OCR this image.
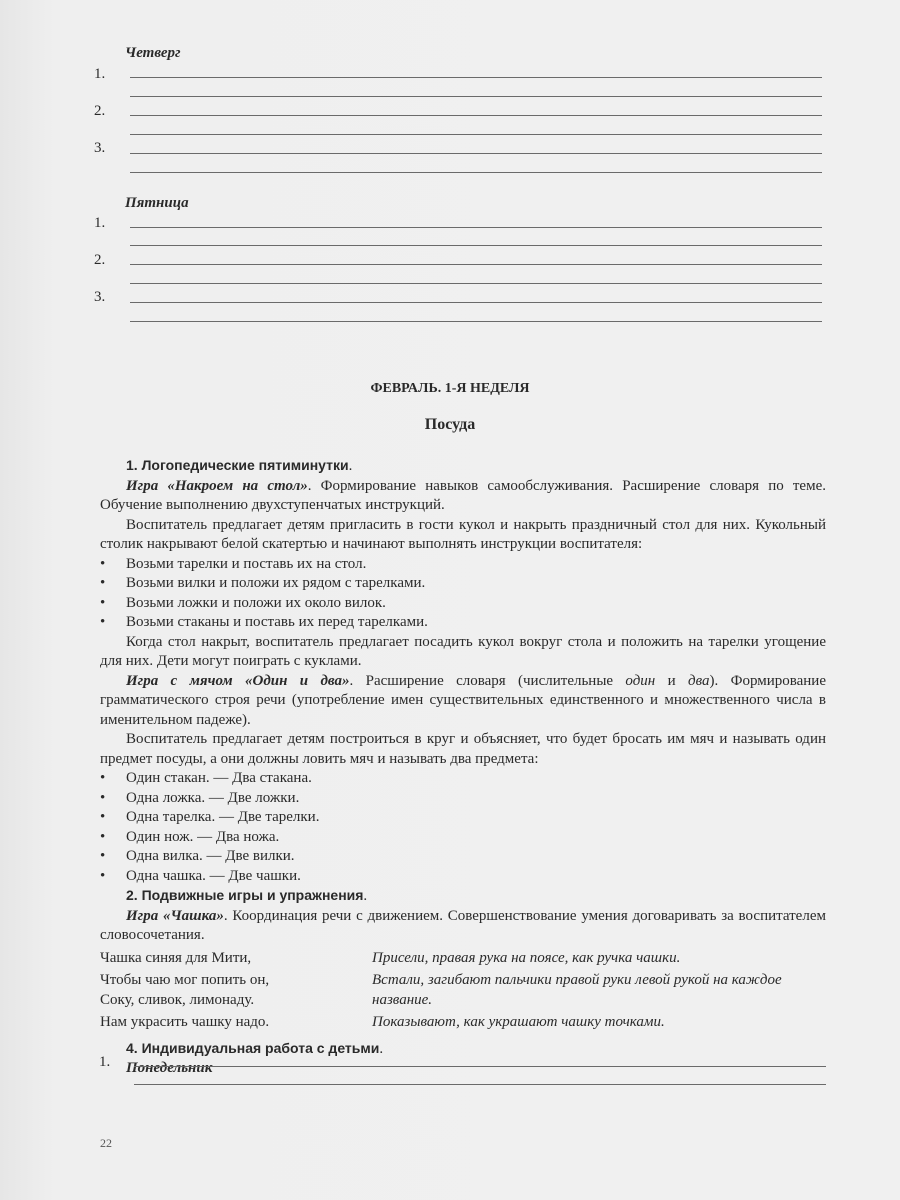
Четверг
1.
2.
3.
Пятница
1.
2.
3.
ФЕВРАЛЬ. 1-Я НЕДЕЛЯ
Посуда

1. Логопедические пятиминутки.

Игра «Накроем на стол». Формирование навыков самообслуживания. Расширение словаря по теме. Обучение выполнению двухступенчатых инструкций.

Воспитатель предлагает детям пригласить в гости кукол и накрыть праздничный стол для них. Кукольный столик накрывают белой скатертью и начинают выполнять инструкции воспитателя:

• Возьми тарелки и поставь их на стол.

• Возьми вилки и положи их рядом с тарелками.

• Возьми ложки и положи их около вилок.

• Возьми стаканы и поставь их перед тарелками.

Когда стол накрыт, воспитатель предлагает посадить кукол вокруг стола и положить на тарелки угощение для них. Дети могут поиграть с куклами.

Игра с мячом «Один и два». Расширение словаря (числительные один и два). Формирование грамматического строя речи (употребление имен существительных единственного и множественного числа в именительном падеже).

Воспитатель предлагает детям построиться в круг и объясняет, что будет бросать им мяч и называть один предмет посуды, а они должны ловить мяч и называть два предмета:

• Один стакан. — Два стакана.

• Одна ложка. — Две ложки.

• Одна тарелка. — Две тарелки.

• Один нож. — Два ножа.

• Одна вилка. — Две вилки.

• Одна чашка. — Две чашки.

2. Подвижные игры и упражнения.

Игра «Чашка». Координация речи с движением. Совершенствование умения договаривать за воспитателем словосочетания.

Чашка синяя для Мити,	Присели, правая рука на поясе, как ручка чашки.
Чтобы чаю мог попить он,
Соку, сливок, лимонаду.
Встали, загибают пальчики правой руки левой рукой на каждое название.
Нам украсить чашку надо.	Показывают, как украшают чашку точками.

4. Индивидуальная работа с детьми.

Понедельник

1.
22
